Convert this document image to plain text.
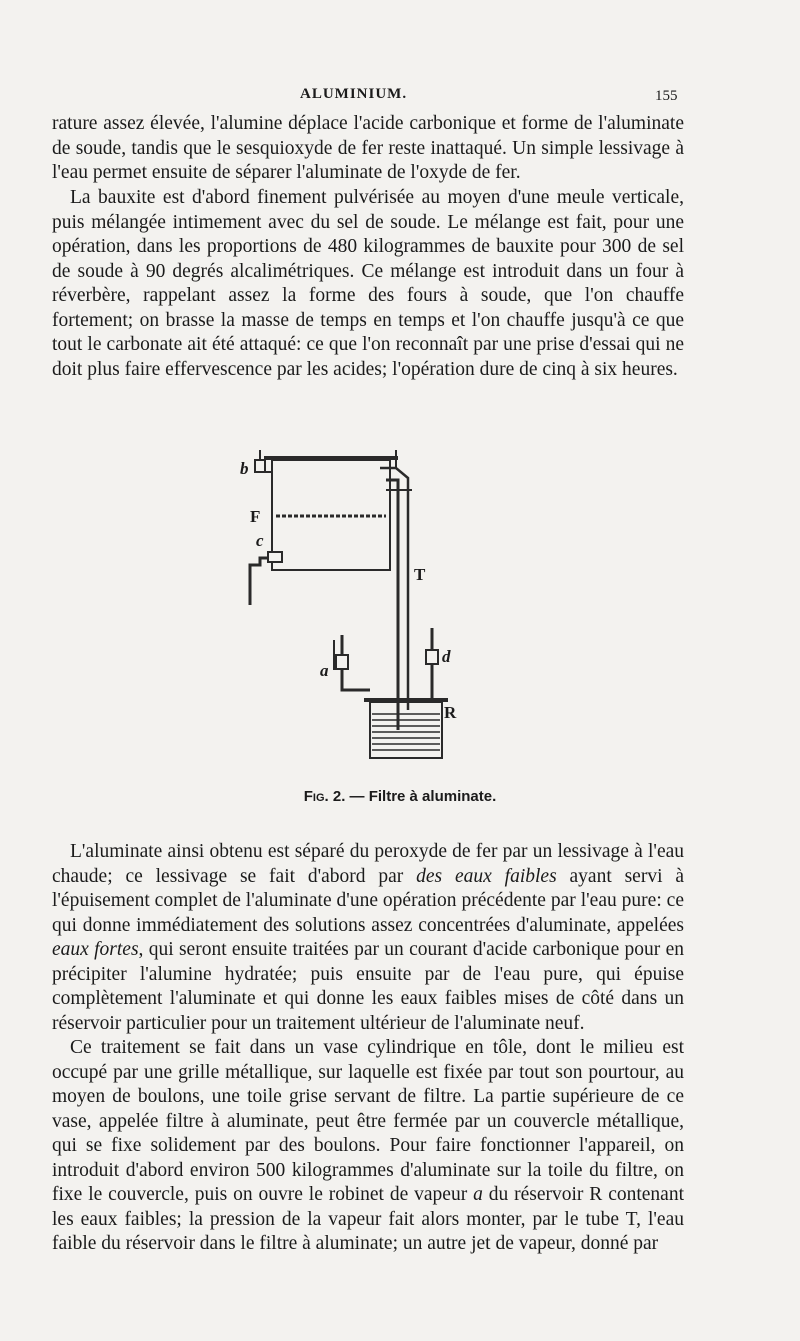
ALUMINIUM.	155

rature assez élevée, l'alumine déplace l'acide carbonique et forme de l'aluminate de soude, tandis que le sesquioxyde de fer reste inattaqué. Un simple lessivage à l'eau permet ensuite de séparer l'aluminate de l'oxyde de fer.

La bauxite est d'abord finement pulvérisée au moyen d'une meule verticale, puis mélangée intimement avec du sel de soude. Le mélange est fait, pour une opération, dans les proportions de 480 kilogrammes de bauxite pour 300 de sel de soude à 90 degrés alcalimétriques. Ce mélange est introduit dans un four à réverbère, rappelant assez la forme des fours à soude, que l'on chauffe fortement; on brasse la masse de temps en temps et l'on chauffe jusqu'à ce que tout le carbonate ait été attaqué: ce que l'on reconnaît par une prise d'essai qui ne doit plus faire effervescence par les acides; l'opération dure de cinq à six heures.

b
F
c
T
a
d
R
Fig. 2. — Filtre à aluminate.

L'aluminate ainsi obtenu est séparé du peroxyde de fer par un lessivage à l'eau chaude; ce lessivage se fait d'abord par des eaux faibles ayant servi à l'épuisement complet de l'aluminate d'une opération précédente par l'eau pure: ce qui donne immédiatement des solutions assez concentrées d'aluminate, appelées eaux fortes, qui seront ensuite traitées par un courant d'acide carbonique pour en précipiter l'alumine hydratée; puis ensuite par de l'eau pure, qui épuise complètement l'aluminate et qui donne les eaux faibles mises de côté dans un réservoir particulier pour un traitement ultérieur de l'aluminate neuf.

Ce traitement se fait dans un vase cylindrique en tôle, dont le milieu est occupé par une grille métallique, sur laquelle est fixée par tout son pourtour, au moyen de boulons, une toile grise servant de filtre. La partie supérieure de ce vase, appelée filtre à aluminate, peut être fermée par un couvercle métallique, qui se fixe solidement par des boulons. Pour faire fonctionner l'appareil, on introduit d'abord environ 500 kilogrammes d'aluminate sur la toile du filtre, on fixe le couvercle, puis on ouvre le robinet de vapeur a du réservoir R contenant les eaux faibles; la pression de la vapeur fait alors monter, par le tube T, l'eau faible du réservoir dans le filtre à aluminate; un autre jet de vapeur, donné par
